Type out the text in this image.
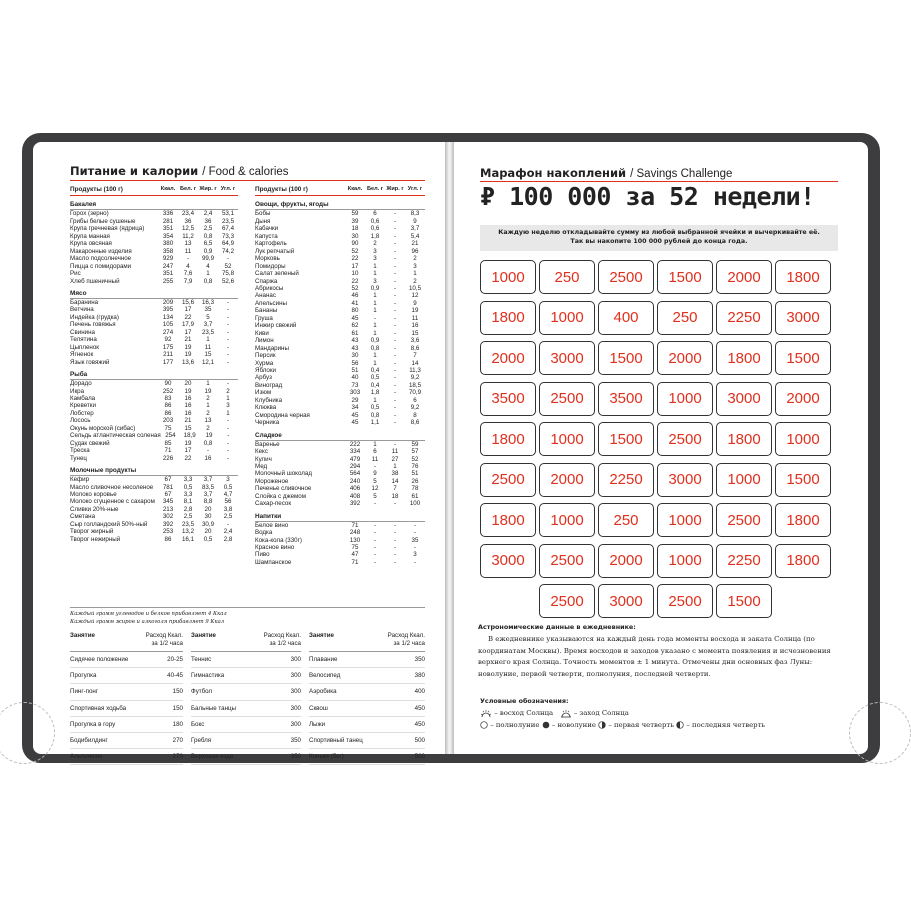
Питание и калории / Food & calories
Продукты (100 г)	Ккал. Бел. г Жир. г Угл. г
Бакалея
Горох (зерно)	336	23,4	2,4	53,1
Грибы белые сушеные	281	36	36	23,5
Крупа гречневая (ядрица)	351	12,5	2,5	67,4
Крупа манная	354	11,2	0,8	73,3
Крупа овсяная	380	13	6,5	64,9
Макаронные изделия	358	11	0,9	74,2
Масло подсолнечное	929	-	99,9	-
Пицца с помидорами	247	4	4	52
Рис	351	7,6	1	75,8
Хлеб пшеничный	255	7,9	0,8	52,6
Мясо
Баранина	209	15,6	16,3	-
Ветчина	395	17	35	-
Индейка (грудка)	134	22	5	-
Печень говяжья	105	17,9	3,7	-
Свинина	274	17	23,5	-
Телятина	92	21	1	-
Цыпленок	175	19	11	-
Ягненок	211	19	15	-
Язык говяжий	177	13,6	12,1	-
Рыба
Дорадо	90	20	1	-
Икра	252	19	19	2
Камбала	83	16	2	1
Креветки	86	16	1	3
Лобстер	86	16	2	1
Лосось	203	21	13	-
Окунь морской (сибас)	75	15	2	-
Сельдь атлантическая соленая 254	18,9	19	-
Судак свежий	85	19	0,8	-
Треска	71	17	-	-
Тунец	226	22	16	-
Молочные продукты
Кефир	67	3,3	3,7	3
Масло сливочное несоленое	781	0,5	83,5	0,5
Молоко коровье	67	3,3	3,7	4,7
Молоко сгущенное с сахаром	345	8,1	8,8	56
Сливки 20%-ные	213	2,8	20	3,8
Сметана	302	2,5	30	2,5
Сыр голландский 50%-ный	392	23,5	30,9	-
Творог жирный	253	13,2	20	2,4
Творог нежирный	86	16,1	0,5	2,8
Продукты (100 г)	Ккал. Бел. г Жир. г Угл. г
Овощи, фрукты, ягоды
Бобы	59	6	-	8,3
Дыня	39	0,6	-	9
Кабачки	18	0,6	-	3,7
Капуста	30	1,8	-	5,4
Картофель	90	2	-	21
Лук репчатый	52	3	-	96
Морковь	22	3	-	2
Помидоры	17	1	-	3
Салат зеленый	10	1	-	1
Спаржа	22	3	-	2
Абрикосы	52	0,9	-	10,5
Ананас	46	1	-	12
Апельсины	41	1	-	9
Бананы	80	1	-	19
Груша	45	-	-	11
Инжир свежий	62	1	-	16
Киви	61	1	-	15
Лимон	43	0,9	-	3,6
Мандарины	43	0,8	-	8,6
Персик	30	1	-	7
Хурма	56	1	-	14
Яблоки	51	0,4	-	11,3
Арбуз	40	0,5	-	9,2
Виноград	73	0,4	-	18,5
Изюм	303	1,8	-	70,9
Клубника	29	1	-	6
Клюква	34	0,5	-	9,2
Смородина черная	45	0,8	-	8
Черника	45	1,1	-	8,6
Сладкое
Варенье	222	1	-	59
Кекс	334	6	11	57
Кулич	479	11	27	52
Мед	294	-	1	76
Молочный шоколад	564	9	38	51
Мороженое	240	5	14	26
Печенье сливочное	406	12	7	78
Слойка с джемом	408	5	18	61
Сахар-песок	392	-	-	100
Напитки
Белое вино	71	-	-	-
Водка	248	-	-	-
Кока-кола (330г)	130	-	-	35
Красное вино	75	-	-	-
Пиво	47	-	-	3
Шампанское	71	-	-	-
Каждый грамм углеводов и белков прибавляет 4 Ккал
Каждый грамм жиров и алкоголя прибавляет 9 Ккал
Занятие	Расход Ккал.
за 1/2 часа
Сидячее положение	20-25
Прогулка	40-45
Пинг-понг	150
Спортивная ходьба	150
Прогулка в гору	180
Бодибилдинг	270
Альпинизм	270
Занятие	Расход Ккал.
за 1/2 часа
Теннис	300
Гимнастика	300
Футбол	300
Бальные танцы	300
Бокс	300
Гребля	350
Верховая езда	350
Занятие	Расход Ккал.
за 1/2 часа
Плавание	350
Велосипед	380
Аэробика	400
Сквош	450
Лыжи	450
Спортивный танец	500
Коньки (бег)	500
Марафон накоплений / Savings Challenge
₽ 100 000 за 52 недели!
Каждую неделю откладывайте сумму из любой выбранной ячейки и вычеркивайте её.
Так вы накопите 100 000 рублей до конца года.
1000	250	2500	1500	2000	1800
1800	1000	400	250	2250	3000
2000	3000	1500	2000	1800	1500
3500	2500	3500	1000	3000	2000
1800	1000	1500	2500	1800	1000
2500	2000	2250	3000	1000	1500
1800	1000	250	1000	2500	1800
3000	2500	2000	1000	2250	1800
2500	3000	2500	1500
Астрономические данные в ежедневнике:

В ежедневнике указываются на каждый день года моменты восхода и заката Солнца (по координатам Москвы). Время восходов и заходов указано с момента появления и исчезновения верхнего края Солнца. Точность моментов ± 1 минута. Отмечены дни основных фаз Луны: новолуние, первой четверти, полнолуния, последней четверти.

Условные обозначения:
– восход Солнца	– заход Солнца
– полнолуние – новолуние – первая четверть – последняя четверть
